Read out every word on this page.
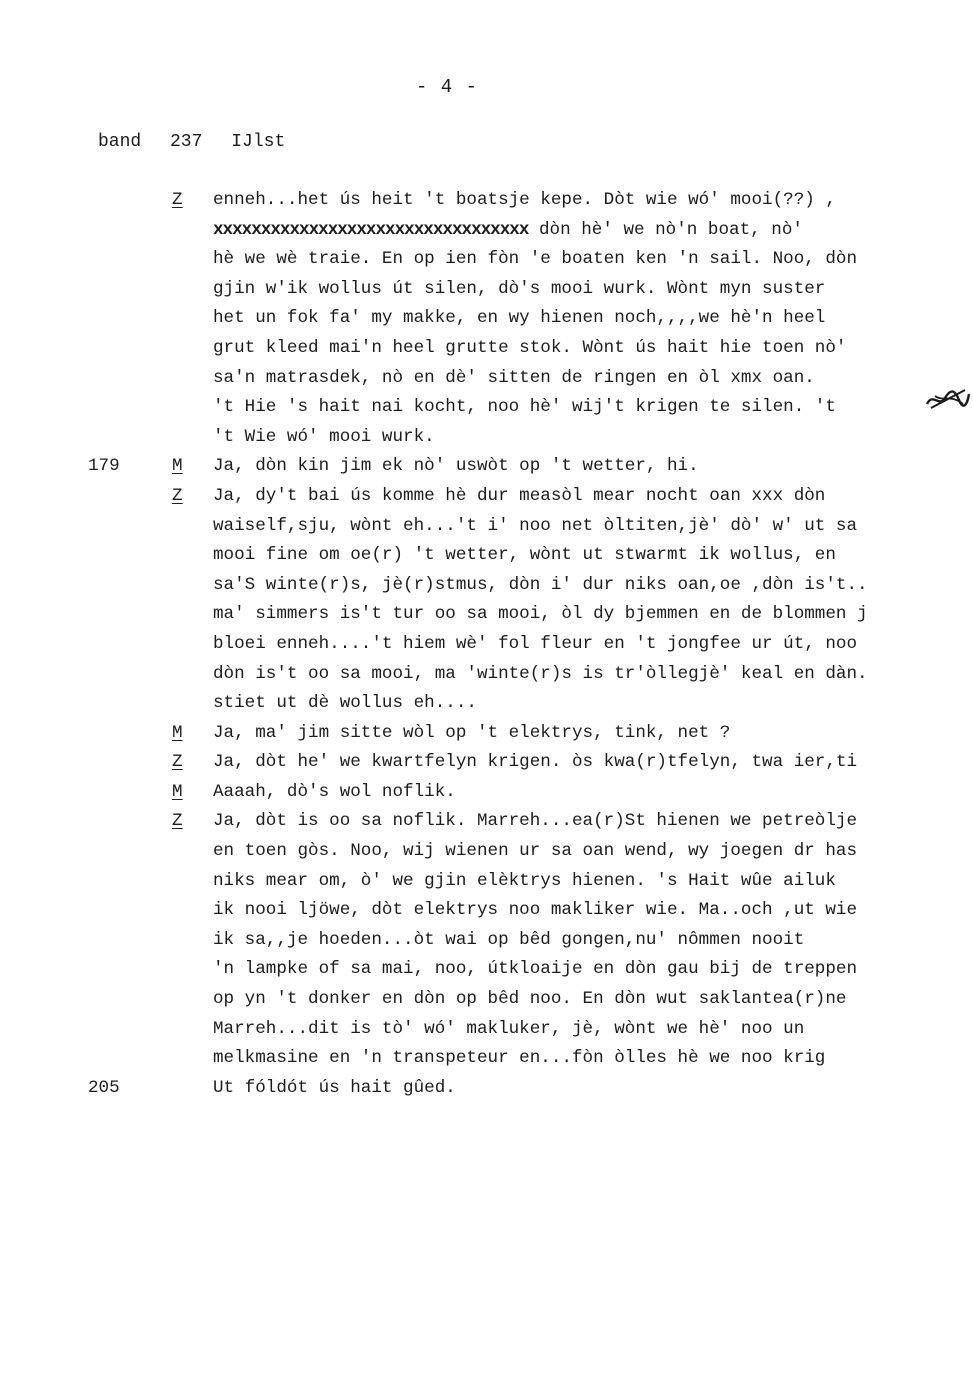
- 4 -
band 237 IJlst
Z enneh...het ús heit 't boatsje kepe. Dòt wie wó' mooi(??) ,
xxxxxxxxxxxxxxxxxxxxxxxxxxxxxxxxx dòn hè' we nò'n boat, nò'
hè we wè traie. En op ien fòn 'e boaten ken 'n sail. Noo, dòn
gjin w'ik wollus út silen, dò's mooi wurk. Wònt myn suster
het un fok fa' my makke, en wy hienen noch,,,,we hè'n heel
grut kleed mai'n heel grutte stok. Wònt ús hait hie toen nò'
sa'n matrasdek, nò en dè' sitten de ringen en òl xmx oan.
't Hie 's hait nai kocht, noo hè' wij't krigen te silen. 't
't Wie wó' mooi wurk.
179	M Ja, dòn kin jim ek nò' uswòt op 't wetter, hi.
Z Ja, dy't bai ús komme hè dur measòl mear nocht oan xxx dòn
waiself,sju, wònt eh...'t i' noo net òltiten,jè' dò' w' ut sa
mooi fine om oe(r) 't wetter, wònt ut stwarmt ik wollus, en
sa'S winte(r)s, jè(r)stmus, dòn i' dur niks oan,oe ,dòn is't..
ma' simmers is't tur oo sa mooi, òl dy bjemmen en de blommen j
bloei enneh....'t hiem wè' fol fleur en 't jongfee ur út, noo
dòn is't oo sa mooi, ma 'winte(r)s is tr'òllegjè' keal en dàn.
stiet ut dè wollus eh....
M Ja, ma' jim sitte wòl op 't elektrys, tink, net ?
Z Ja, dòt he' we kwartfelyn krigen. òs kwa(r)tfelyn, twa ier,ti
M Aaaah, dò's wol noflik.
Z Ja, dòt is oo sa noflik. Marreh...ea(r)St hienen we petreòlje
en toen gòs. Noo, wij wienen ur sa oan wend, wy joegen dr has
niks mear om, ò' we gjin elèktrys hienen. 's Hait wûe ailuk
ik nooi ljöwe, dòt elektrys noo makliker wie. Ma..och ,ut wie
ik sa,,je hoeden...òt wai op bêd gongen,nu' nômmen nooit
'n lampke of sa mai, noo, útkloaije en dòn gau bij de treppen
op yn 't donker en dòn op bêd noo. En dòn wut saklantea(r)ne
Marreh...dit is tò' wó' makluker, jè, wònt we hè' noo un
melkmasine en 'n transpeteur en...fòn òlles hè we noo krig
205	Ut fóldót ús hait gûed.
